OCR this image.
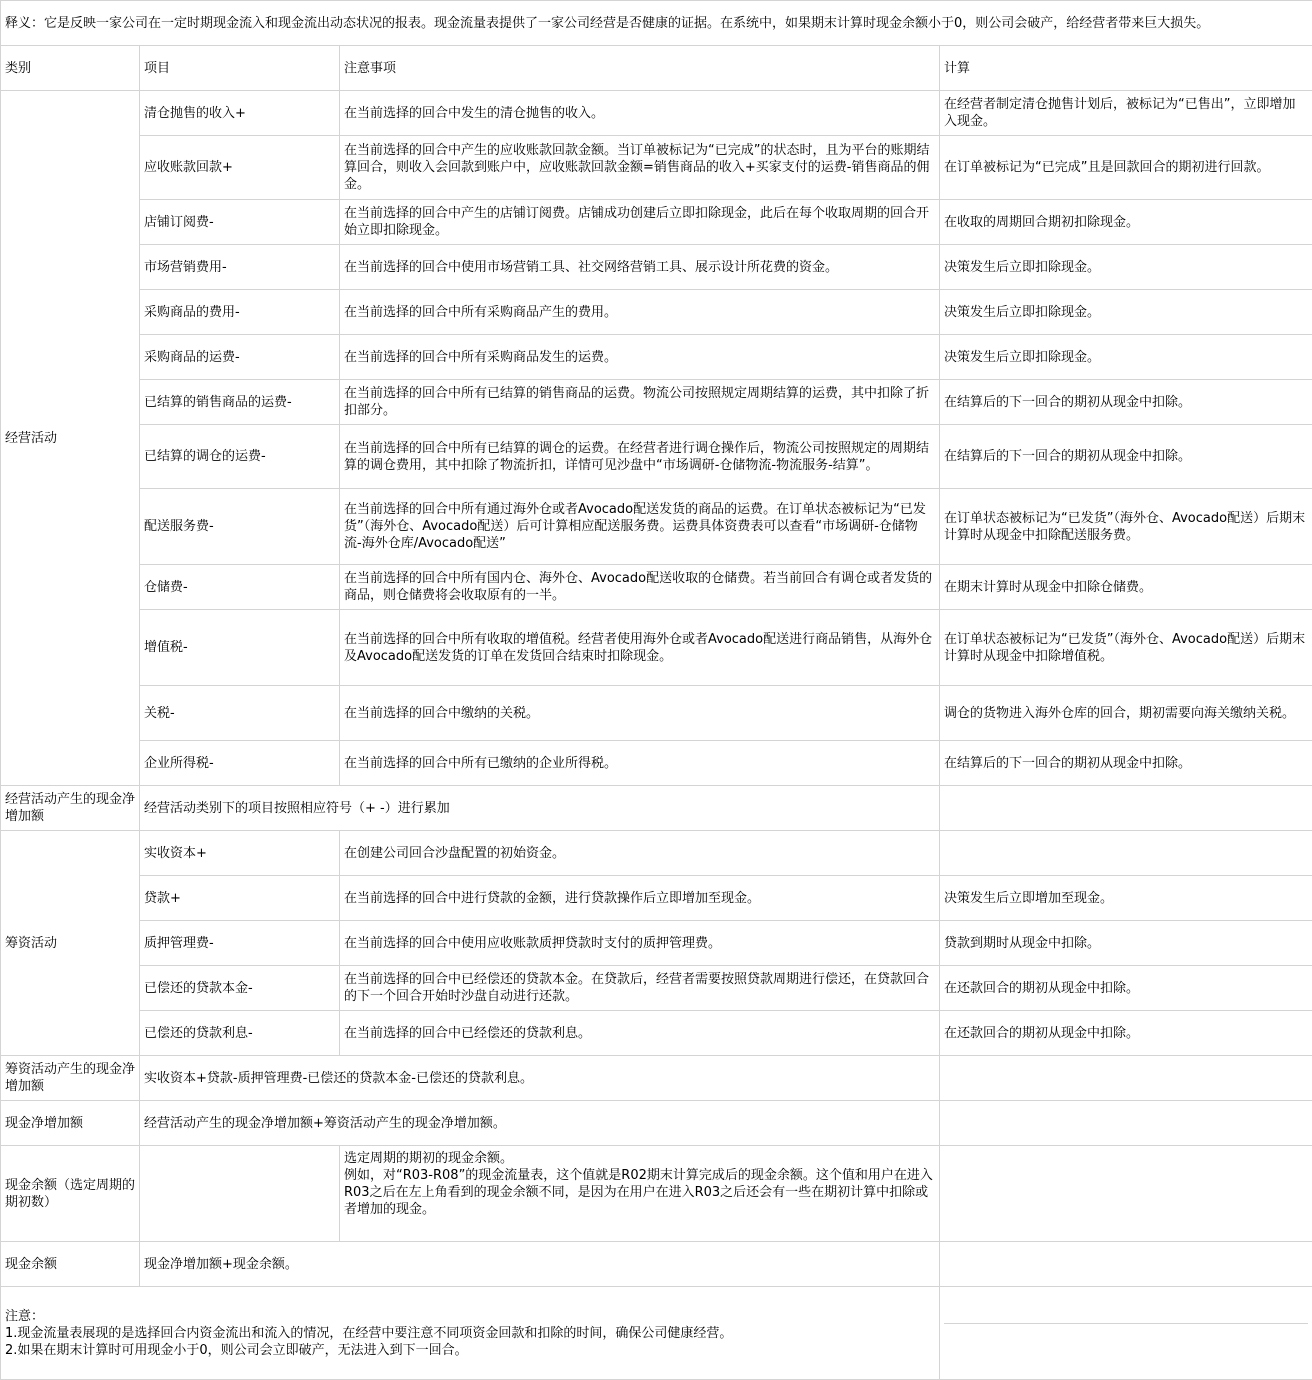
释义：它是反映一家公司在一定时期现金流入和现金流出动态状况的报表。现金流量表提供了一家公司经营是否健康的证据。在系统中，如果期末计算时现金余额小于0，则公司会破产，给经营者带来巨大损失。			
类别	项目	注意事项	计算
经营活动	清仓抛售的收入+	在当前选择的回合中发生的清仓抛售的收入。	在经营者制定清仓抛售计划后，被标记为“已售出”，立即增加入现金。
	应收账款回款+	在当前选择的回合中产生的应收账款回款金额。当订单被标记为“已完成”的状态时，且为平台的账期结算回合，则收入会回款到账户中，应收账款回款金额=销售商品的收入+买家支付的运费-销售商品的佣金。	在订单被标记为“已完成”且是回款回合的期初进行回款。
	店铺订阅费-	在当前选择的回合中产生的店铺订阅费。店铺成功创建后立即扣除现金，此后在每个收取周期的回合开始立即扣除现金。	在收取的周期回合期初扣除现金。
	市场营销费用-	在当前选择的回合中使用市场营销工具、社交网络营销工具、展示设计所花费的资金。	决策发生后立即扣除现金。
	采购商品的费用-	在当前选择的回合中所有采购商品产生的费用。	决策发生后立即扣除现金。
	采购商品的运费-	在当前选择的回合中所有采购商品发生的运费。	决策发生后立即扣除现金。
	已结算的销售商品的运费-	在当前选择的回合中所有已结算的销售商品的运费。物流公司按照规定周期结算的运费，其中扣除了折扣部分。	在结算后的下一回合的期初从现金中扣除。
	已结算的调仓的运费-	在当前选择的回合中所有已结算的调仓的运费。在经营者进行调仓操作后，物流公司按照规定的周期结算的调仓费用，其中扣除了物流折扣，详情可见沙盘中“市场调研-仓储物流-物流服务-结算”。	在结算后的下一回合的期初从现金中扣除。
	配送服务费-	在当前选择的回合中所有通过海外仓或者Avocado配送发货的商品的运费。在订单状态被标记为“已发货”（海外仓、Avocado配送）后可计算相应配送服务费。运费具体资费表可以查看“市场调研-仓储物流-海外仓库/Avocado配送”	在订单状态被标记为“已发货”（海外仓、Avocado配送）后期末计算时从现金中扣除配送服务费。
	仓储费-	在当前选择的回合中所有国内仓、海外仓、Avocado配送收取的仓储费。若当前回合有调仓或者发货的商品，则仓储费将会收取原有的一半。	在期末计算时从现金中扣除仓储费。
	增值税-	在当前选择的回合中所有收取的增值税。经营者使用海外仓或者Avocado配送进行商品销售，从海外仓及Avocado配送发货的订单在发货回合结束时扣除现金。	在订单状态被标记为“已发货”（海外仓、Avocado配送）后期末计算时从现金中扣除增值税。
	关税-	在当前选择的回合中缴纳的关税。	调仓的货物进入海外仓库的回合，期初需要向海关缴纳关税。
	企业所得税-	在当前选择的回合中所有已缴纳的企业所得税。	在结算后的下一回合的期初从现金中扣除。
经营活动产生的现金净增加额	经营活动类别下的项目按照相应符号（+ -）进行累加		
筹资活动	实收资本+	在创建公司回合沙盘配置的初始资金。	
	贷款+	在当前选择的回合中进行贷款的金额，进行贷款操作后立即增加至现金。	决策发生后立即增加至现金。
	质押管理费-	在当前选择的回合中使用应收账款质押贷款时支付的质押管理费。	贷款到期时从现金中扣除。
	已偿还的贷款本金-	在当前选择的回合中已经偿还的贷款本金。在贷款后，经营者需要按照贷款周期进行偿还，在贷款回合的下一个回合开始时沙盘自动进行还款。	在还款回合的期初从现金中扣除。
	已偿还的贷款利息-	在当前选择的回合中已经偿还的贷款利息。	在还款回合的期初从现金中扣除。
筹资活动产生的现金净增加额	实收资本+贷款-质押管理费-已偿还的贷款本金-已偿还的贷款利息。		
现金净增加额	经营活动产生的现金净增加额+筹资活动产生的现金净增加额。		
现金余额（选定周期的期初数）		选定周期的期初的现金余额。
例如，对“R03-R08”的现金流量表，这个值就是R02期末计算完成后的现金余额。这个值和用户在进入R03之后在左上角看到的现金余额不同，是因为在用户在进入R03之后还会有一些在期初计算中扣除或者增加的现金。	

现金余额	现金净增加额+现金余额。		

注意：
1.现金流量表展现的是选择回合内资金流出和流入的情况，在经营中要注意不同项资金回款和扣除的时间，确保公司健康经营。
2.如果在期末计算时可用现金小于0，则公司会立即破产，无法进入到下一回合。			
